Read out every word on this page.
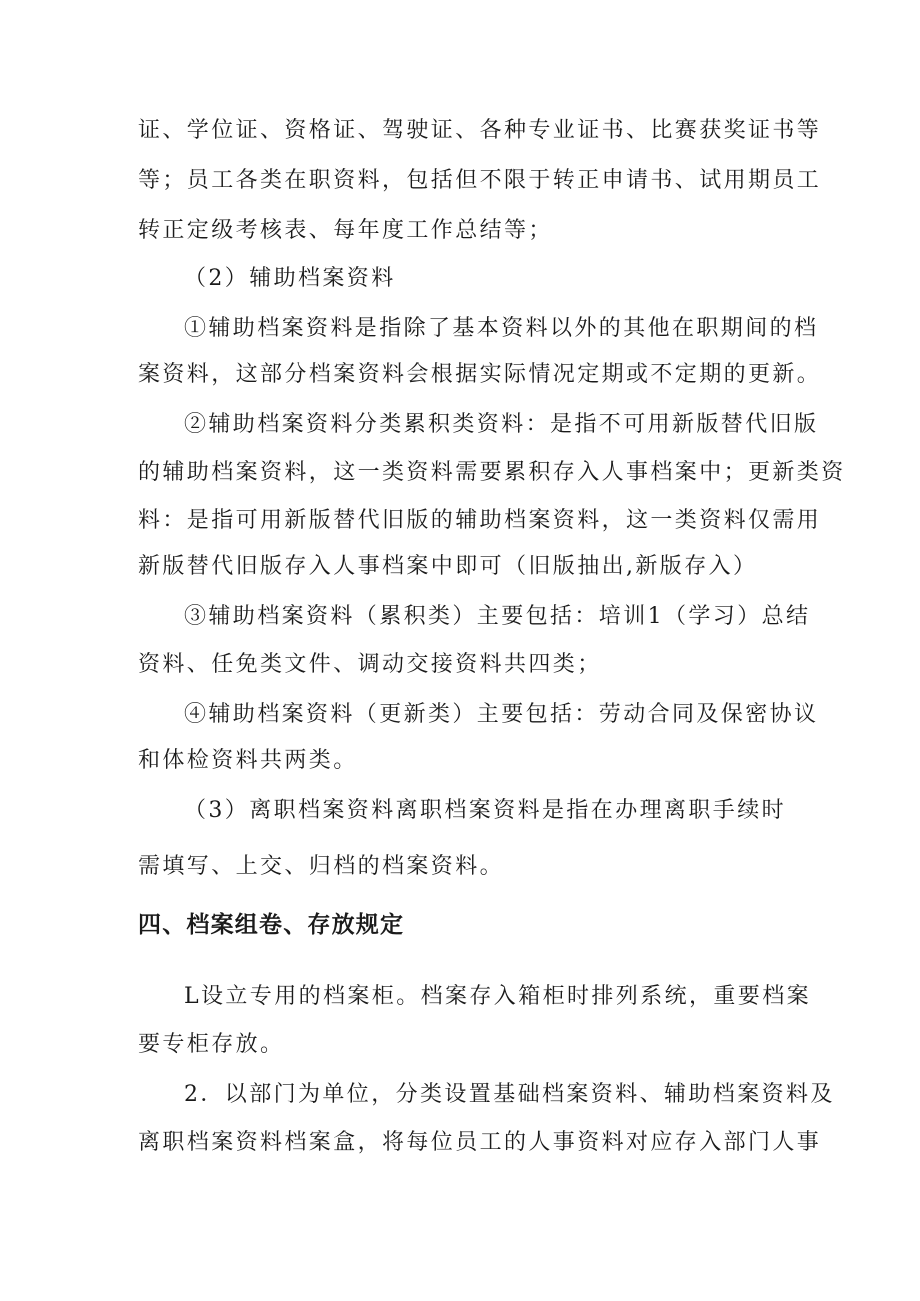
证、学位证、资格证、驾驶证、各种专业证书、比赛获奖证书等
等；员工各类在职资料，包括但不限于转正申请书、试用期员工
转正定级考核表、每年度工作总结等；
（2）辅助档案资料
①辅助档案资料是指除了基本资料以外的其他在职期间的档
案资料，这部分档案资料会根据实际情况定期或不定期的更新。
②辅助档案资料分类累积类资料：是指不可用新版替代旧版
的辅助档案资料，这一类资料需要累积存入人事档案中；更新类资
料：是指可用新版替代旧版的辅助档案资料，这一类资料仅需用
新版替代旧版存入人事档案中即可（旧版抽出,新版存入）
③辅助档案资料（累积类）主要包括：培训1（学习）总结
资料、任免类文件、调动交接资料共四类；
④辅助档案资料（更新类）主要包括：劳动合同及保密协议
和体检资料共两类。
（3）离职档案资料离职档案资料是指在办理离职手续时
需填写、上交、归档的档案资料。
四、档案组卷、存放规定
L设立专用的档案柜。档案存入箱柜时排列系统，重要档案
要专柜存放。
2．以部门为单位，分类设置基础档案资料、辅助档案资料及
离职档案资料档案盒，将每位员工的人事资料对应存入部门人事
